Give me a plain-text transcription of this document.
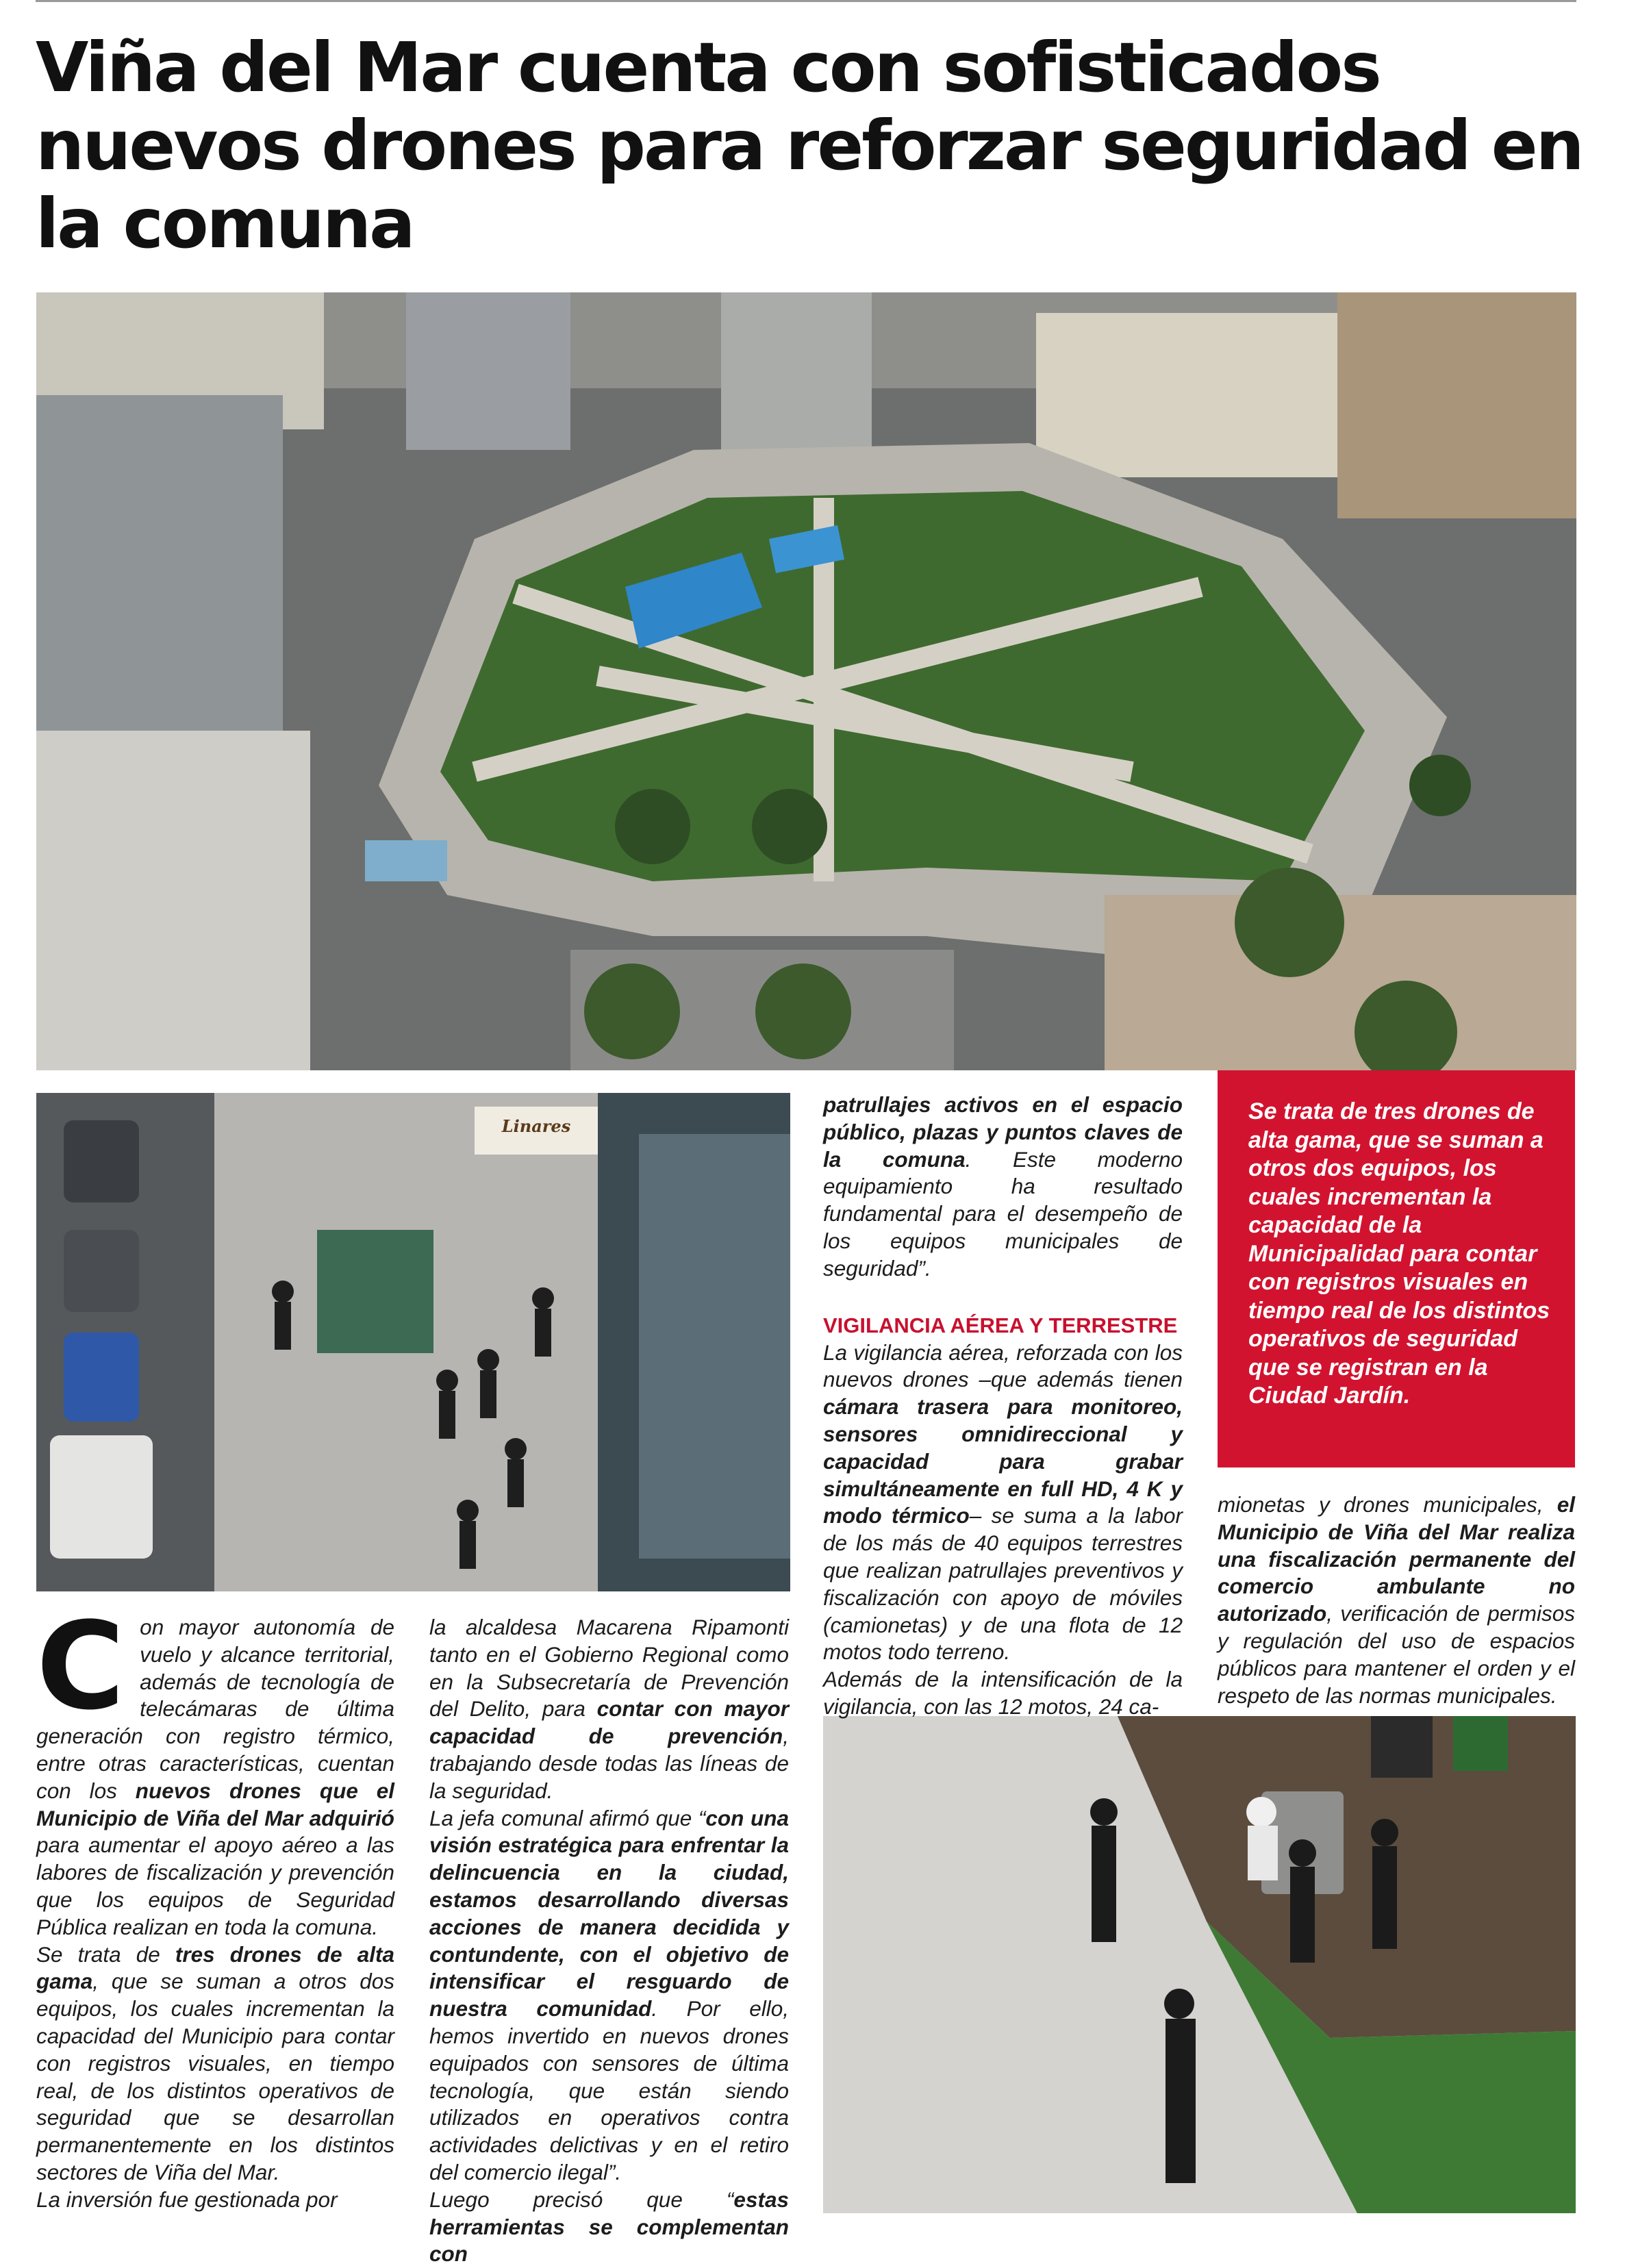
Viña del Mar cuenta con sofisticados nuevos drones para reforzar seguridad en la comuna
Linares
C on mayor autonomía de vuelo y alcance territorial, además de tecnología de telecámaras de última generación con registro térmico, entre otras características, cuentan con los nuevos drones que el Municipio de Viña del Mar adquirió para aumentar el apoyo aéreo a las labores de fiscalización y prevención que los equipos de Seguridad Pública realizan en toda la comuna.

Se trata de tres drones de alta gama, que se suman a otros dos equipos, los cuales incrementan la capacidad del Municipio para contar con registros visuales, en tiempo real, de los distintos operativos de seguridad que se desarrollan permanentemente en los distintos sectores de Viña del Mar.

La inversión fue gestionada por

la alcaldesa Macarena Ripamonti tanto en el Gobierno Regional como en la Subsecretaría de Prevención del Delito, para contar con mayor capacidad de prevención, trabajando desde todas las líneas de la seguridad.

La jefa comunal afirmó que “con una visión estratégica para enfrentar la delincuencia en la ciudad, estamos desarrollando diversas acciones de manera decidida y contundente, con el objetivo de intensificar el resguardo de nuestra comunidad. Por ello, hemos invertido en nuevos drones equipados con sensores de última tecnología, que están siendo utilizados en operativos contra actividades delictivas y en el retiro del comercio ilegal”.

Luego precisó que “estas herramientas se complementan con

patrullajes activos en el espacio público, plazas y puntos claves de la comuna. Este moderno equipamiento ha resultado fundamental para el desempeño de los equipos municipales de seguridad”.

VIGILANCIA AÉREA Y TERRESTRE

La vigilancia aérea, reforzada con los nuevos drones –que además tienen cámara trasera para monitoreo, sensores omnidireccional y capacidad para grabar simultáneamente en full HD, 4 K y modo térmico– se suma a la labor de los más de 40 equipos terrestres que realizan patrullajes preventivos y fiscalización con apoyo de móviles (camionetas) y de una flota de 12 motos todo terreno.

Además de la intensificación de la vigilancia, con las 12 motos, 24 ca-

Se trata de tres drones de alta gama, que se suman a otros dos equipos, los cuales incrementan la capacidad de la Municipalidad para contar con registros visuales en tiempo real de los distintos operativos de seguridad que se registran en la Ciudad Jardín.

mionetas y drones municipales, el Municipio de Viña del Mar realiza una fiscalización permanente del comercio ambulante no autorizado, verificación de permisos y regulación del uso de espacios públicos para mantener el orden y el respeto de las normas municipales.
